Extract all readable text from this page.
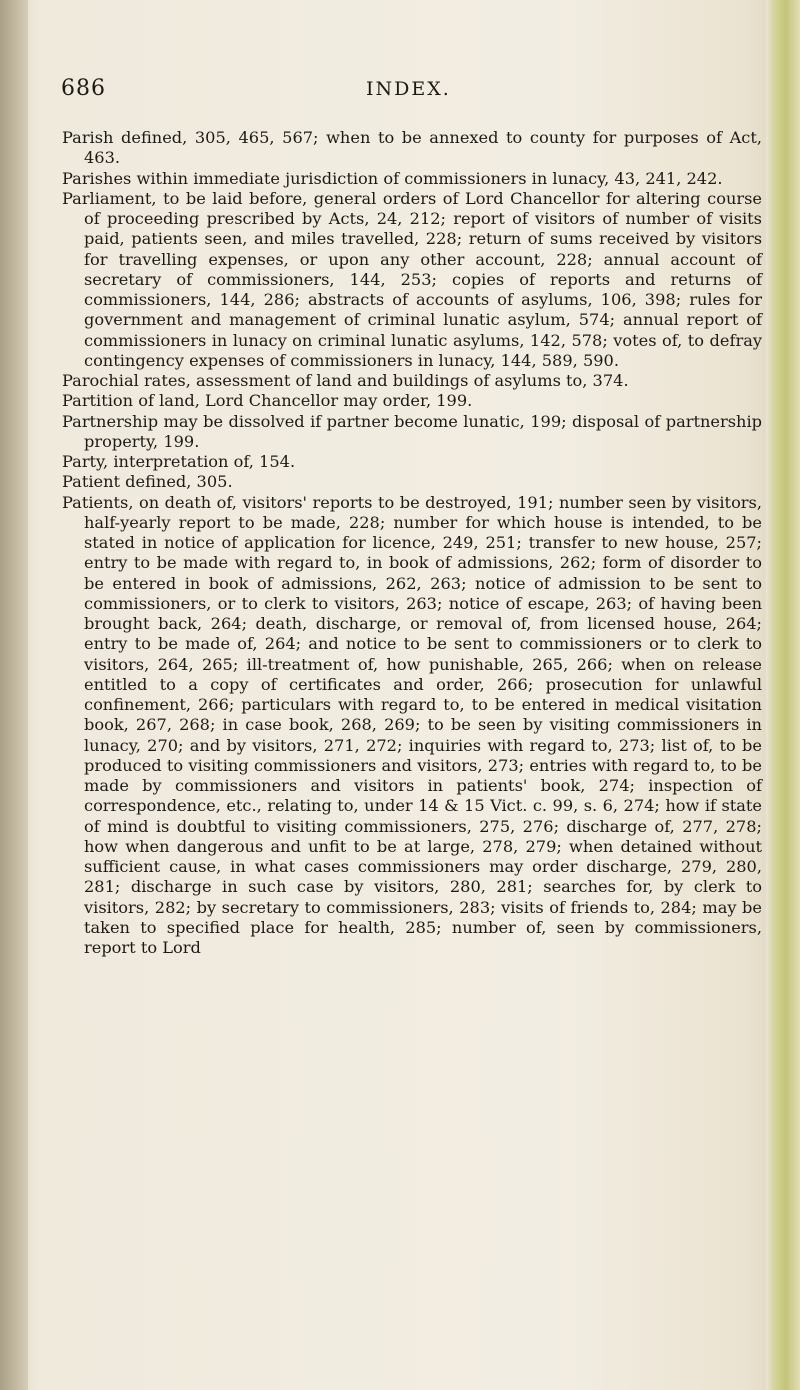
686	INDEX.

Parish defined, 305, 465, 567; when to be annexed to county for purposes of Act, 463.

Parishes within immediate jurisdiction of commissioners in lunacy, 43, 241, 242.

Parliament, to be laid before, general orders of Lord Chancellor for altering course of proceeding prescribed by Acts, 24, 212; report of visitors of number of visits paid, patients seen, and miles travelled, 228; return of sums received by visitors for travelling expenses, or upon any other account, 228; annual account of secretary of commissioners, 144, 253; copies of reports and returns of commissioners, 144, 286; abstracts of accounts of asylums, 106, 398; rules for government and management of criminal lunatic asylum, 574; annual report of commissioners in lunacy on criminal lunatic asylums, 142, 578; votes of, to defray contingency expenses of commissioners in lunacy, 144, 589, 590.

Parochial rates, assessment of land and buildings of asylums to, 374.

Partition of land, Lord Chancellor may order, 199.

Partnership may be dissolved if partner become lunatic, 199; disposal of partnership property, 199.

Party, interpretation of, 154.

Patient defined, 305.

Patients, on death of, visitors' reports to be destroyed, 191; number seen by visitors, half-yearly report to be made, 228; number for which house is intended, to be stated in notice of application for licence, 249, 251; transfer to new house, 257; entry to be made with regard to, in book of admissions, 262; form of disorder to be entered in book of admissions, 262, 263; notice of admission to be sent to commissioners, or to clerk to visitors, 263; notice of escape, 263; of having been brought back, 264; death, discharge, or removal of, from licensed house, 264; entry to be made of, 264; and notice to be sent to commissioners or to clerk to visitors, 264, 265; ill-treatment of, how punishable, 265, 266; when on release entitled to a copy of certificates and order, 266; prosecution for unlawful confinement, 266; particulars with regard to, to be entered in medical visitation book, 267, 268; in case book, 268, 269; to be seen by visiting commissioners in lunacy, 270; and by visitors, 271, 272; inquiries with regard to, 273; list of, to be produced to visiting commissioners and visitors, 273; entries with regard to, to be made by commissioners and visitors in patients' book, 274; inspection of correspondence, etc., relating to, under 14 & 15 Vict. c. 99, s. 6, 274; how if state of mind is doubtful to visiting commissioners, 275, 276; discharge of, 277, 278; how when dangerous and unfit to be at large, 278, 279; when detained without sufficient cause, in what cases commissioners may order discharge, 279, 280, 281; discharge in such case by visitors, 280, 281; searches for, by clerk to visitors, 282; by secretary to commissioners, 283; visits of friends to, 284; may be taken to specified place for health, 285; number of, seen by commissioners, report to Lord
